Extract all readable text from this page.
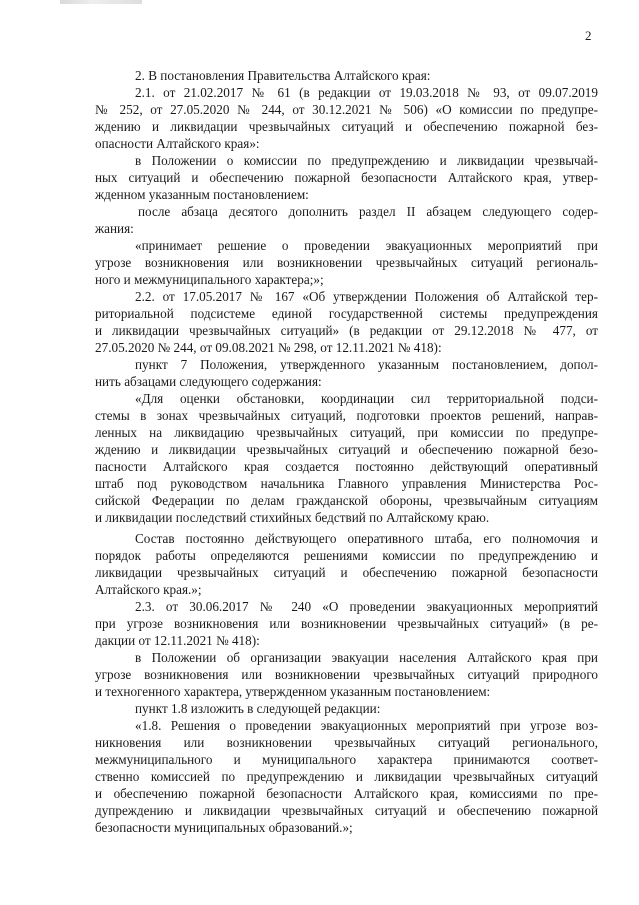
2
2. В постановления Правительства Алтайского края:
2.1. от 21.02.2017 № 61 (в редакции от 19.03.2018 № 93, от 09.07.2019
№ 252, от 27.05.2020 № 244, от 30.12.2021 № 506) «О комиссии по предупре-
ждению и ликвидации чрезвычайных ситуаций и обеспечению пожарной без-
опасности Алтайского края»:
в Положении о комиссии по предупреждению и ликвидации чрезвычай-
ных ситуаций и обеспечению пожарной безопасности Алтайского края, утвер-
жденном указанным постановлением:
после абзаца десятого дополнить раздел II абзацем следующего содер-
жания:
«принимает решение о проведении эвакуационных мероприятий при
угрозе возникновения или возникновении чрезвычайных ситуаций региональ-
ного и межмуниципального характера;»;
2.2. от 17.05.2017 № 167 «Об утверждении Положения об Алтайской тер-
риториальной подсистеме единой государственной системы предупреждения
и ликвидации чрезвычайных ситуаций» (в редакции от 29.12.2018 № 477, от
27.05.2020 № 244, от 09.08.2021 № 298, от 12.11.2021 № 418):
пункт 7 Положения, утвержденного указанным постановлением, допол-
нить абзацами следующего содержания:
«Для оценки обстановки, координации сил территориальной подси-
стемы в зонах чрезвычайных ситуаций, подготовки проектов решений, направ-
ленных на ликвидацию чрезвычайных ситуаций, при комиссии по предупре-
ждению и ликвидации чрезвычайных ситуаций и обеспечению пожарной безо-
пасности Алтайского края создается постоянно действующий оперативный
штаб под руководством начальника Главного управления Министерства Рос-
сийской Федерации по делам гражданской обороны, чрезвычайным ситуациям
и ликвидации последствий стихийных бедствий по Алтайскому краю.
Состав постоянно действующего оперативного штаба, его полномочия и
порядок работы определяются решениями комиссии по предупреждению и
ликвидации чрезвычайных ситуаций и обеспечению пожарной безопасности
Алтайского края.»;
2.3. от 30.06.2017 № 240 «О проведении эвакуационных мероприятий
при угрозе возникновения или возникновении чрезвычайных ситуаций» (в ре-
дакции от 12.11.2021 № 418):
в Положении об организации эвакуации населения Алтайского края при
угрозе возникновения или возникновении чрезвычайных ситуаций природного
и техногенного характера, утвержденном указанным постановлением:
пункт 1.8 изложить в следующей редакции:
«1.8. Решения о проведении эвакуационных мероприятий при угрозе воз-
никновения или возникновении чрезвычайных ситуаций регионального,
межмуниципального и муниципального характера принимаются соответ-
ственно комиссией по предупреждению и ликвидации чрезвычайных ситуаций
и обеспечению пожарной безопасности Алтайского края, комиссиями по пре-
дупреждению и ликвидации чрезвычайных ситуаций и обеспечению пожарной
безопасности муниципальных образований.»;
